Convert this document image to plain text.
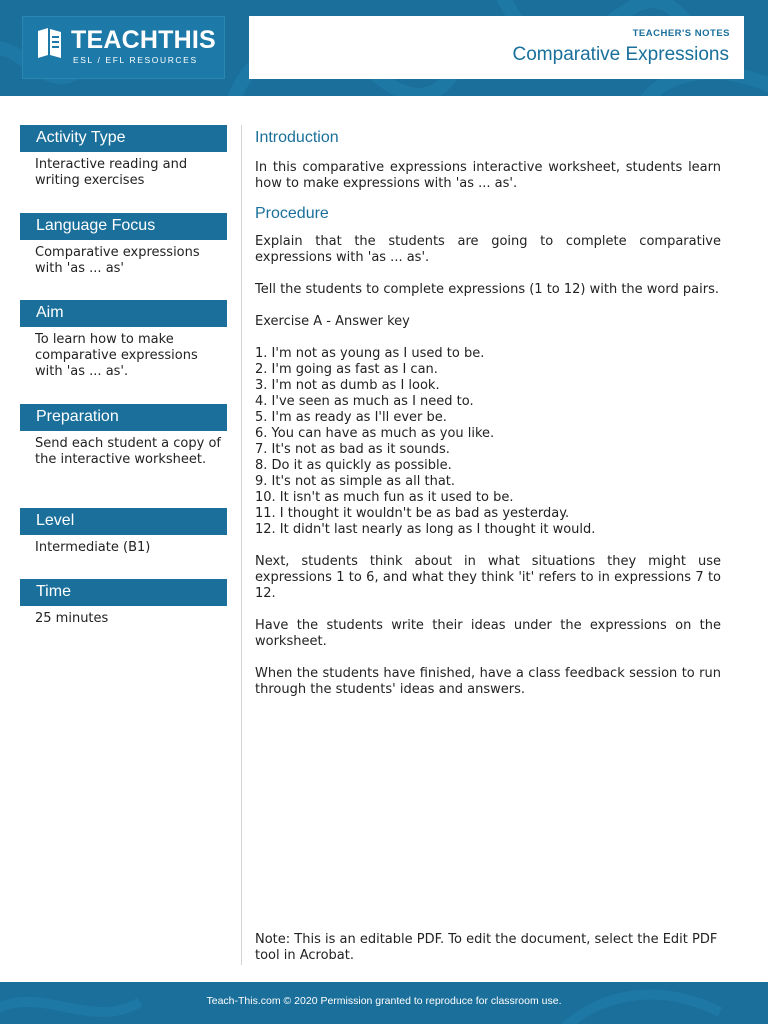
TEACHTHIS
ESL / EFL RESOURCES
TEACHER'S NOTES
Comparative Expressions
Activity Type
Interactive reading and writing exercises
Language Focus
Comparative expressions with 'as ... as'
Aim
To learn how to make comparative expressions with 'as ... as'.
Preparation
Send each student a copy of the interactive worksheet.
Level
Intermediate (B1)
Time
25 minutes
Introduction
In this comparative expressions interactive worksheet, students learn how to make expressions with 'as ... as'.
Procedure
Explain that the students are going to complete comparative expressions with 'as ... as'.
Tell the students to complete expressions (1 to 12) with the word pairs.
Exercise A - Answer key
1. I'm not as young as I used to be.
2. I'm going as fast as I can.
3. I'm not as dumb as I look.
4. I've seen as much as I need to.
5. I'm as ready as I'll ever be.
6. You can have as much as you like.
7. It's not as bad as it sounds.
8. Do it as quickly as possible.
9. It's not as simple as all that.
10. It isn't as much fun as it used to be.
11. I thought it wouldn't be as bad as yesterday.
12. It didn't last nearly as long as I thought it would.
Next, students think about in what situations they might use expressions 1 to 6, and what they think 'it' refers to in expressions 7 to 12.
Have the students write their ideas under the expressions on the worksheet.
When the students have finished, have a class feedback session to run through the students' ideas and answers.
Note: This is an editable PDF. To edit the document, select the Edit PDF tool in Acrobat.
Teach-This.com © 2020 Permission granted to reproduce for classroom use.
